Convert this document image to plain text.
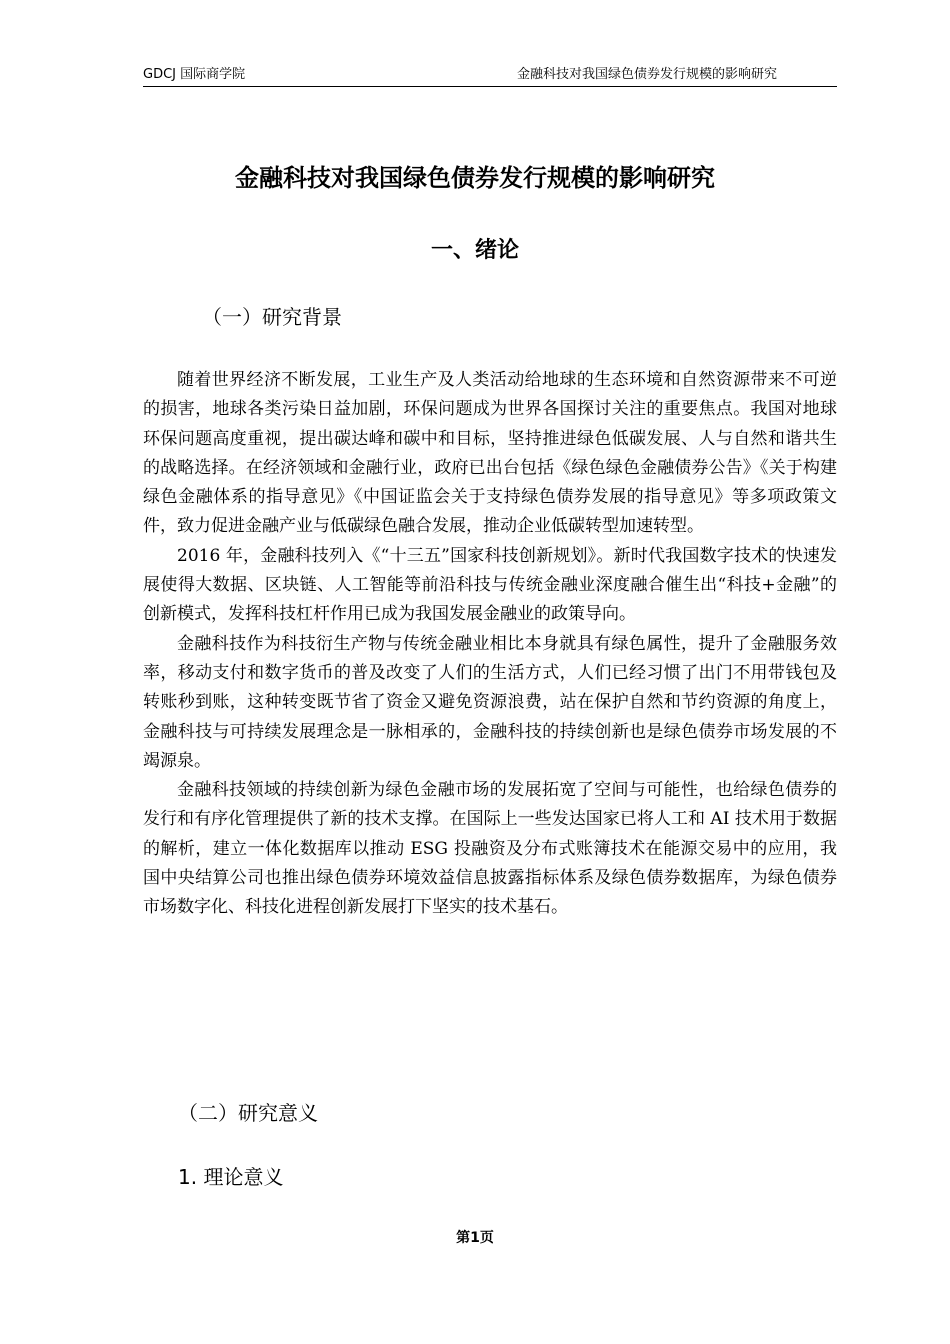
GDCJ 国际商学院	金融科技对我国绿色债券发行规模的影响研究
金融科技对我国绿色债券发行规模的影响研究
一、绪论
（一）研究背景

随着世界经济不断发展，工业生产及人类活动给地球的生态环境和自然资源带来不可逆的损害，地球各类污染日益加剧，环保问题成为世界各国探讨关注的重要焦点。我国对地球环保问题高度重视，提出碳达峰和碳中和目标，坚持推进绿色低碳发展、人与自然和谐共生的战略选择。在经济领域和金融行业，政府已出台包括《绿色绿色金融债券公告》《关于构建绿色金融体系的指导意见》《中国证监会关于支持绿色债券发展的指导意见》等多项政策文件，致力促进金融产业与低碳绿色融合发展，推动企业低碳转型加速转型。

2016 年，金融科技列入《“十三五”国家科技创新规划》。新时代我国数字技术的快速发展使得大数据、区块链、人工智能等前沿科技与传统金融业深度融合催生出“科技+金融”的创新模式，发挥科技杠杆作用已成为我国发展金融业的政策导向。

金融科技作为科技衍生产物与传统金融业相比本身就具有绿色属性，提升了金融服务效率，移动支付和数字货币的普及改变了人们的生活方式，人们已经习惯了出门不用带钱包及转账秒到账，这种转变既节省了资金又避免资源浪费，站在保护自然和节约资源的角度上，金融科技与可持续发展理念是一脉相承的，金融科技的持续创新也是绿色债券市场发展的不竭源泉。

金融科技领域的持续创新为绿色金融市场的发展拓宽了空间与可能性，也给绿色债券的发行和有序化管理提供了新的技术支撑。在国际上一些发达国家已将人工和 AI 技术用于数据的解析，建立一体化数据库以推动 ESG 投融资及分布式账簿技术在能源交易中的应用，我国中央结算公司也推出绿色债券环境效益信息披露指标体系及绿色债券数据库，为绿色债券市场数字化、科技化进程创新发展打下坚实的技术基石。

（二）研究意义
1. 理论意义
第1页
